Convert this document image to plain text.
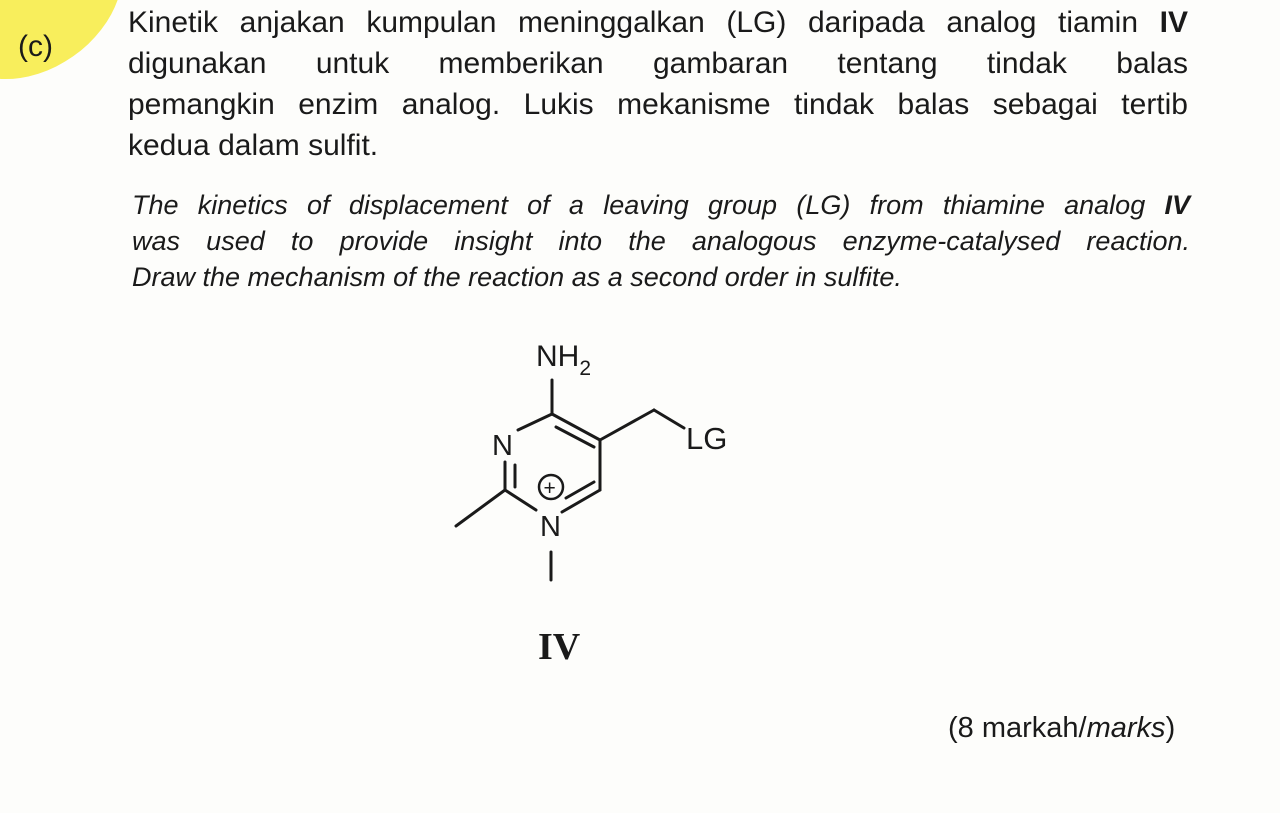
(c)
Kinetik anjakan kumpulan meninggalkan (LG) daripada analog tiamin IV
digunakan untuk memberikan gambaran tentang tindak balas
pemangkin enzim analog. Lukis mekanisme tindak balas sebagai tertib
kedua dalam sulfit.
The kinetics of displacement of a leaving group (LG) from thiamine analog IV
was used to provide insight into the analogous enzyme-catalysed reaction.
Draw the mechanism of the reaction as a second order in sulfite.
$NH_2$
N
N
+
LG
IV
(8 markah/marks)
